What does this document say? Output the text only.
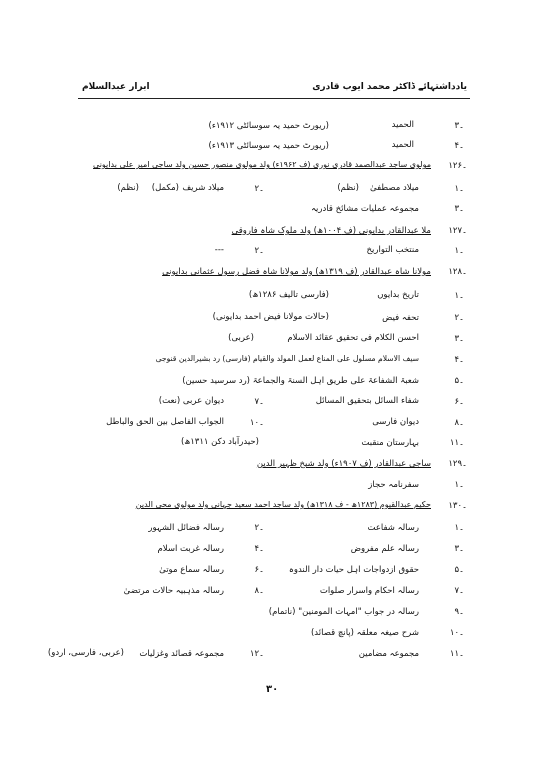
یادداشتہائے ڈاکٹر محمد ایوب قادری
ابرار عبدالسلام
۳۔
الحمید
(ریورٹ حمید یہ سوسائٹی ۱۹۱۲ء)
۴۔
الحمید
(ریورٹ حمید یہ سوسائٹی ۱۹۱۳ء)
۱۲۶۔
مولوی ساجد عبدالصمد قادری نوری (ف ۱۹۶۲ء) ولد مولوی منصور حسین ولد ساجی امیر علی بدایونی
۱۔
میلاد مصطفیٰ
(نظم)
۲۔
میلاد شریف
(مکمل)
(نظم)
۳۔
مجموعہ عملیات مشائخ قادریہ
۱۲۷۔
ملا عبدالقادر بدایونی (ف ۱۰۰۴ھ) ولد ملوک شاہ فاروقی
۱۔
منتخب التواریخ
۲۔
---
۱۲۸۔
مولانا شاہ عبدالقادر (ف ۱۳۱۹ھ) ولد مولانا شاہ فضل رسول عثمانی بدایونی
۱۔
تاریخ بدایوں
(فارسی تالیف ۱۲۸۶ھ)
۲۔
تحفہ فیض
(حالات مولانا فیض احمد بدایونی)
۳۔
احسن الکلام فی تحقیق عقائد الاسلام
(عربی)
۴۔
سیف الاسلام مسلول علی المناع لعمل المولد والقیام (فارسی) رد بشیرالدین قنوجی
۵۔
شعبۃ الشفاعۃ علی طریق اہل السنۃ والجماعۃ (رد سرسید حسین)
۶۔
شفاء السائل بتحقیق المسائل
۷۔
دیوان عربی (نعت)
۸۔
دیوان فارسی
۱۰۔
الجواب الفاصل بین الحق والباطل
۱۱۔
بہارستان منقبت
(حیدرآباد دکن ۱۳۱۱ھ)
۱۲۹۔
ساجی عبدالقادر (ف ۱۹۰۷ء) ولد شیخ ظہیر الدین
۱۔
سفرنامہ حجاز
۱۳۰۔
حکیم عبدالقیوم (۱۲۸۳ھ - ف ۱۳۱۸ھ) ولد ساجد احمد سعید جہانی ولد مولوی محی الدین
۱۔
رسالہ شفاعت
۲۔
رسالہ فضائل الشہور
۳۔
رسالہ علم مفروض
۴۔
رسالہ غربت اسلام
۵۔
حقوق ازدواجات اہل حیات دار الندوہ
۶۔
رسالہ سماع موتیٰ
۷۔
رسالہ احکام واسرار صلوات
۸۔
رسالہ مذہبیہ حالات مرتضیٰ
۹۔
رسالہ در جواب "امہات المومنین" (ناتمام)
۱۰۔
شرح صیغہ معلقہ (پانچ قصائد)
۱۱۔
مجموعہ مضامین
۱۲۔
مجموعہ قصائد وغزلیات
(عربی، فارسی، اردو)
۳۰
